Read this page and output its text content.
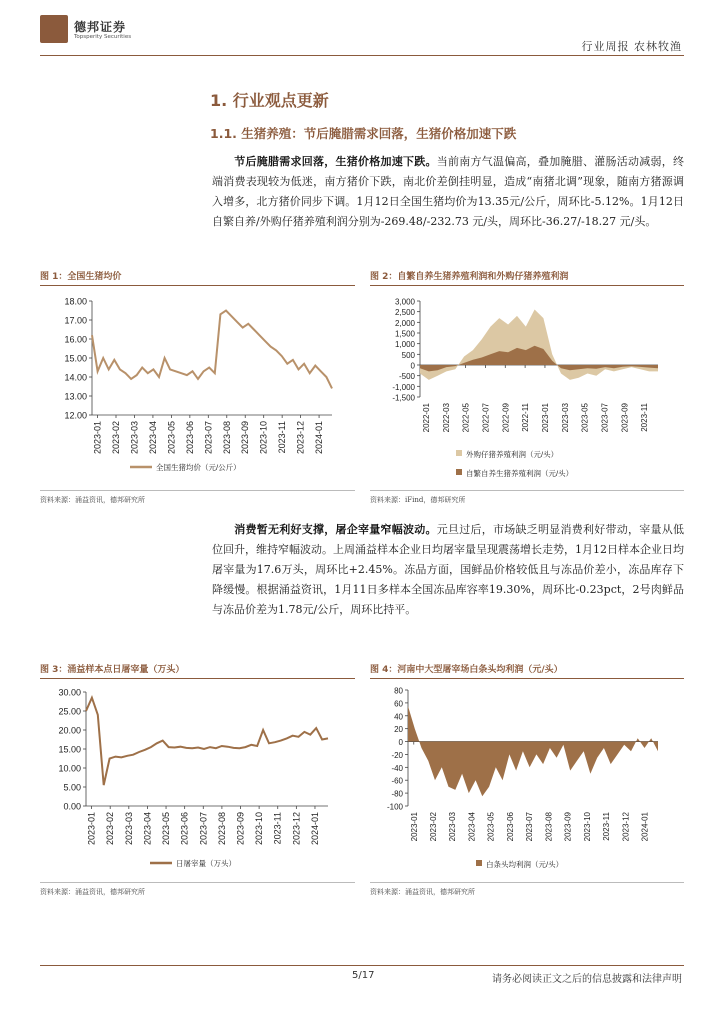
德邦证券
Topsperity Securities
行业周报 农林牧渔
1. 行业观点更新
1.1. 生猪养殖：节后腌腊需求回落，生猪价格加速下跌
节后腌腊需求回落，生猪价格加速下跌。当前南方气温偏高，叠加腌腊、灌肠活动减弱，终端消费表现较为低迷，南方猪价下跌，南北价差倒挂明显，造成“南猪北调”现象，随南方猪源调入增多，北方猪价同步下调。1月12日全国生猪均价为13.35元/公斤，周环比-5.12%。1月12日自繁自养/外购仔猪养殖利润分别为-269.48/-232.73 元/头，周环比-36.27/-18.27 元/头。
图 1：全国生猪均价
18.00
17.00
16.00
15.00
14.00
13.00
12.00
2023-01 2023-02 2023-03 2023-04 2023-05 2023-06 2023-07 2023-08 2023-09 2023-10 2023-11 2023-12 2024-01
全国生猪均价（元/公斤）
资料来源：涌益资讯，德邦研究所
图 2：自繁自养生猪养殖利润和外购仔猪养殖利润
3,000
2,500
2,000
1,500
1,000
500
0
-500
-1,000
-1,500
2022-01 2022-03 2022-05 2022-07 2022-09 2022-11 2023-01 2023-03 2023-05 2023-07 2023-09 2023-11
外购仔猪养殖利润（元/头）
自繁自养生猪养殖利润（元/头）
资料来源：iFind，德邦研究所
消费暂无利好支撑，屠企宰量窄幅波动。元旦过后，市场缺乏明显消费利好带动，宰量从低位回升，维持窄幅波动。上周涌益样本企业日均屠宰量呈现震荡增长走势，1月12日样本企业日均屠宰量为17.6万头，周环比+2.45%。冻品方面，国鲜品价格较低且与冻品价差小，冻品库存下降缓慢。根据涌益资讯，1月11日多样本全国冻品库容率19.30%，周环比-0.23pct，2号肉鲜品与冻品价差为1.78元/公斤，周环比持平。
图 3：涌益样本点日屠宰量（万头）
30.00
25.00
20.00
15.00
10.00
5.00
0.00
2023-01 2023-02 2023-03 2023-04 2023-05 2023-06 2023-07 2023-08 2023-09 2023-10 2023-11 2023-12 2024-01
日屠宰量（万头）
资料来源：涌益资讯，德邦研究所
图 4：河南中大型屠宰场白条头均利润（元/头）
80
60
40
20
0
-20
-40
-60
-80
-100
2023-01 2023-02 2023-03 2023-04 2023-05 2023-06 2023-07 2023-08 2023-09 2023-10 2023-11 2023-12 2024-01
白条头均利润（元/头）
资料来源：涌益资讯，德邦研究所
5/17	请务必阅读正文之后的信息披露和法律声明
